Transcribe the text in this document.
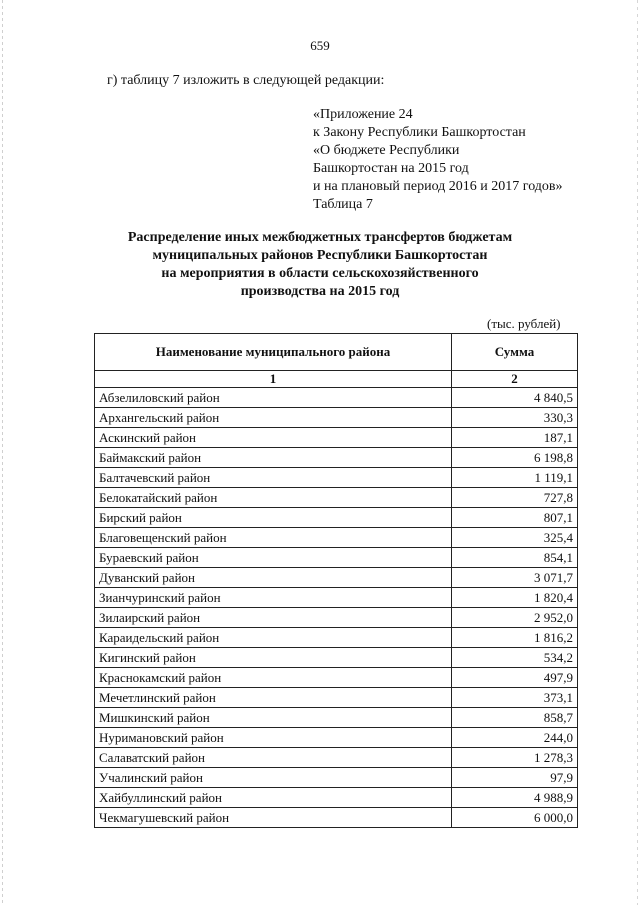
659
г) таблицу 7 изложить в следующей редакции:
«Приложение 24
к Закону Республики Башкортостан
«О бюджете Республики
Башкортостан на 2015 год
и на плановый период 2016 и 2017 годов»
Таблица 7
Распределение иных межбюджетных трансфертов бюджетам
муниципальных районов Республики Башкортостан
на мероприятия в области сельскохозяйственного
производства на 2015 год
(тыс. рублей)
Наименование муниципального района	Сумма
1	2
Абзелиловский район	4 840,5
Архангельский район	330,3
Аскинский район	187,1
Баймакский район	6 198,8
Балтачевский район	1 119,1
Белокатайский район	727,8
Бирский район	807,1
Благовещенский район	325,4
Бураевский район	854,1
Дуванский район	3 071,7
Зианчуринский район	1 820,4
Зилаирский район	2 952,0
Караидельский район	1 816,2
Кигинский район	534,2
Краснокамский район	497,9
Мечетлинский район	373,1
Мишкинский район	858,7
Нуримановский район	244,0
Салаватский район	1 278,3
Учалинский район	97,9
Хайбуллинский район	4 988,9
Чекмагушевский район	6 000,0
